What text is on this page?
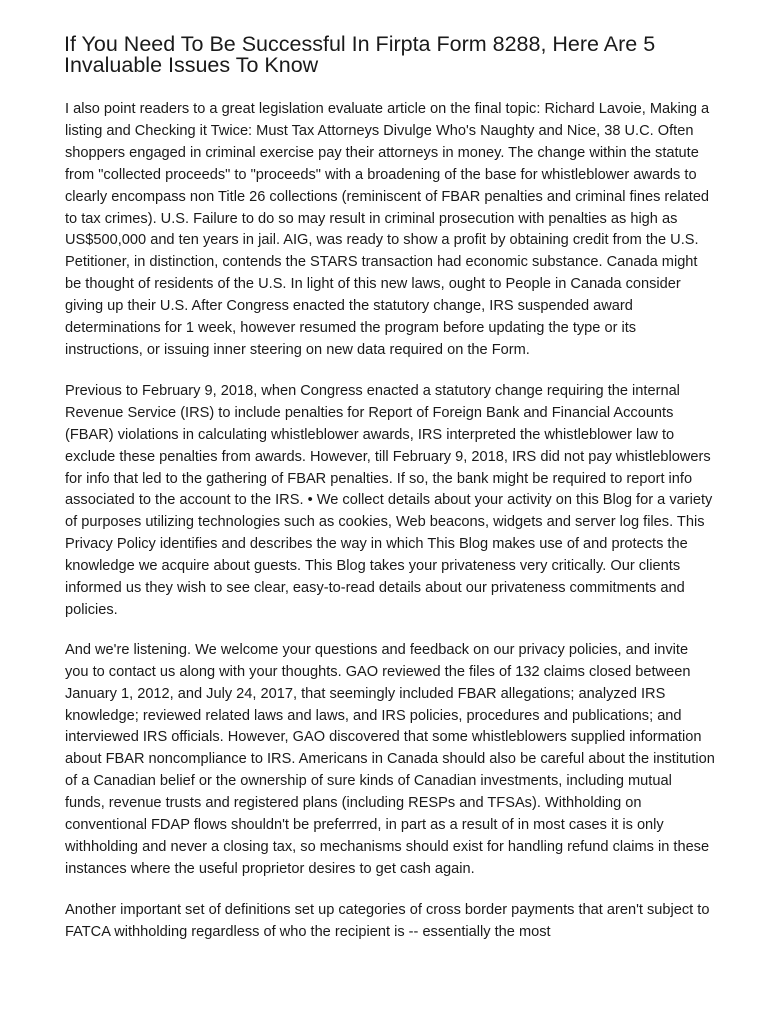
If You Need To Be Successful In Firpta Form 8288, Here Are 5 Invaluable Issues To Know

I also point readers to a great legislation evaluate article on the final topic: Richard Lavoie, Making a listing and Checking it Twice: Must Tax Attorneys Divulge Who's Naughty and Nice, 38 U.C. Often shoppers engaged in criminal exercise pay their attorneys in money. The change within the statute from "collected proceeds" to "proceeds" with a broadening of the base for whistleblower awards to clearly encompass non Title 26 collections (reminiscent of FBAR penalties and criminal fines related to tax crimes). U.S. Failure to do so may result in criminal prosecution with penalties as high as US$500,000 and ten years in jail. AIG, was ready to show a profit by obtaining credit from the U.S. Petitioner, in distinction, contends the STARS transaction had economic substance. Canada might be thought of residents of the U.S. In light of this new laws, ought to People in Canada consider giving up their U.S. After Congress enacted the statutory change, IRS suspended award determinations for 1 week, however resumed the program before updating the type or its instructions, or issuing inner steering on new data required on the Form.

Previous to February 9, 2018, when Congress enacted a statutory change requiring the internal Revenue Service (IRS) to include penalties for Report of Foreign Bank and Financial Accounts (FBAR) violations in calculating whistleblower awards, IRS interpreted the whistleblower law to exclude these penalties from awards. However, till February 9, 2018, IRS did not pay whistleblowers for info that led to the gathering of FBAR penalties. If so, the bank might be required to report info associated to the account to the IRS. • We collect details about your activity on this Blog for a variety of purposes utilizing technologies such as cookies, Web beacons, widgets and server log files. This Privacy Policy identifies and describes the way in which This Blog makes use of and protects the knowledge we acquire about guests. This Blog takes your privateness very critically. Our clients informed us they wish to see clear, easy-to-read details about our privateness commitments and policies.

And we're listening. We welcome your questions and feedback on our privacy policies, and invite you to contact us along with your thoughts. GAO reviewed the files of 132 claims closed between January 1, 2012, and July 24, 2017, that seemingly included FBAR allegations; analyzed IRS knowledge; reviewed related laws and laws, and IRS policies, procedures and publications; and interviewed IRS officials. However, GAO discovered that some whistleblowers supplied information about FBAR noncompliance to IRS. Americans in Canada should also be careful about the institution of a Canadian belief or the ownership of sure kinds of Canadian investments, including mutual funds, revenue trusts and registered plans (including RESPs and TFSAs). Withholding on conventional FDAP flows shouldn't be preferrred, in part as a result of in most cases it is only withholding and never a closing tax, so mechanisms should exist for handling refund claims in these instances where the useful proprietor desires to get cash again.

Another important set of definitions set up categories of cross border payments that aren't subject to FATCA withholding regardless of who the recipient is -- essentially the most
